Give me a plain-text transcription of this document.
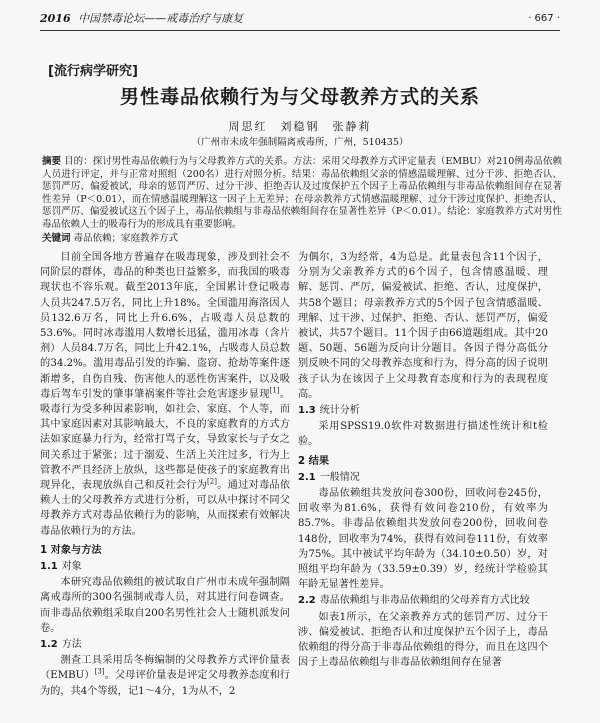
2016 中国禁毒论坛——戒毒治疗与康复	· 667 ·
[流行病学研究]
男性毒品依赖行为与父母教养方式的关系
周思红　刘稳钢　张静莉
（广州市未成年强制隔离戒毒所，广州，510435）
摘要 目的：探讨男性毒品依赖行为与父母教养方式的关系。方法：采用父母教养方式评定量表（EMBU）对210例毒品依赖人员进行评定，并与正常对照组（200名）进行对照分析。结果：毒品依赖组父亲的情感温暖理解、过分干涉、拒绝否认、惩罚严厉、偏爱被试，母亲的惩罚严厉、过分干涉、拒绝否认及过度保护五个因子上毒品依赖组与非毒品依赖组间存在显著性差异（P＜0.01），而在情感温暖理解这一因子上无差异；在母亲教养方式情感温暖理解、过分干涉过度保护、拒绝否认、惩罚严厉、偏爱被试这五个因子上，毒品依赖组与非毒品依赖组间存在显著性差异（P＜0.01）。结论：家庭教养方式对男性毒品依赖人士的吸毒行为的形成具有重要影响。
关键词 毒品依赖；家庭教养方式

目前全国各地方普遍存在吸毒现象，涉及到社会不同阶层的群体，毒品的种类也日益繁多，而我国的吸毒现状也不容乐观。截至2013年底，全国累计登记吸毒人员共247.5万名，同比上升18%。全国滥用海洛因人员132.6万名，同比上升6.6%，占吸毒人员总数的53.6%。同时冰毒滥用人数增长迅猛，滥用冰毒（含片剂）人员84.7万名，同比上升42.1%，占吸毒人员总数的34.2%。滥用毒品引发的诈骗、盗窃、抢劫等案件逐渐增多，自伤自残、伤害他人的恶性伤害案件，以及吸毒后驾车引发的肇事肇祸案件等社会危害逐步显现[1]。吸毒行为受多种因素影响，如社会、家庭、个人等，而其中家庭因素对其影响最大，不良的家庭教育的方式方法如家庭暴力行为，经常打骂子女，导致家长与子女之间关系过于紧张；过于溺爱、生活上关注过多，行为上管教不严且经济上放纵，这些都是使孩子的家庭教育出现异化，表现放纵自己和反社会行为[2]。通过对毒品依赖人士的父母教养方式进行分析，可以从中探讨不同父母教养方式对毒品依赖行为的影响，从而探索有效解决毒品依赖行为的方法。

1 对象与方法
1.1 对象

本研究毒品依赖组的被试取自广州市未成年强制隔离戒毒所的300名强制戒毒人员，对其进行问卷调查。而非毒品依赖组采取自200名男性社会人士随机派发问卷。

1.2 方法

测查工具采用岳冬梅编制的父母教养方式评价量表（EMBU）[3]。父母评价量表是评定父母教养态度和行为的，共4个等级，记1～4分，1为从不，2

为偶尔，3为经常，4为总是。此量表包含11个因子，分别为父亲教养方式的6个因子，包含情感温暖、理解、惩罚、严厉，偏爱被试、拒绝、否认，过度保护，共58个题目；母亲教养方式的5个因子包含情感温暖、理解、过干涉、过保护、拒绝、否认、惩罚严厉，偏爱被试，共57个题目。11个因子由66道题组成。其中20题、50题、56题为反向计分题目。各因子得分高低分别反映不同的父母教养态度和行为，得分高的因子说明孩子认为在该因子上父母教育态度和行为的表现程度高。

1.3 统计分析

采用SPSS19.0软件对数据进行描述性统计和t检验。

2 结果
2.1 一般情况

毒品依赖组共发放问卷300份，回收问卷245份，回收率为81.6%，获得有效问卷210份，有效率为85.7%。非毒品依赖组共发放问卷200份，回收问卷148份，回收率为74%，获得有效问卷111份，有效率为75%。其中被试平均年龄为（34.10±0.50）岁，对照组平均年龄为（33.59±0.39）岁，经统计学检验其年龄无显著性差异。

2.2 毒品依赖组与非毒品依赖组的父母养育方式比较

如表1所示，在父亲教养方式的惩罚严厉、过分干涉、偏爱被试、拒绝否认和过度保护五个因子上，毒品依赖组的得分高于非毒品依赖组的得分，而且在这四个因子上毒品依赖组与非毒品依赖组间存在显著
